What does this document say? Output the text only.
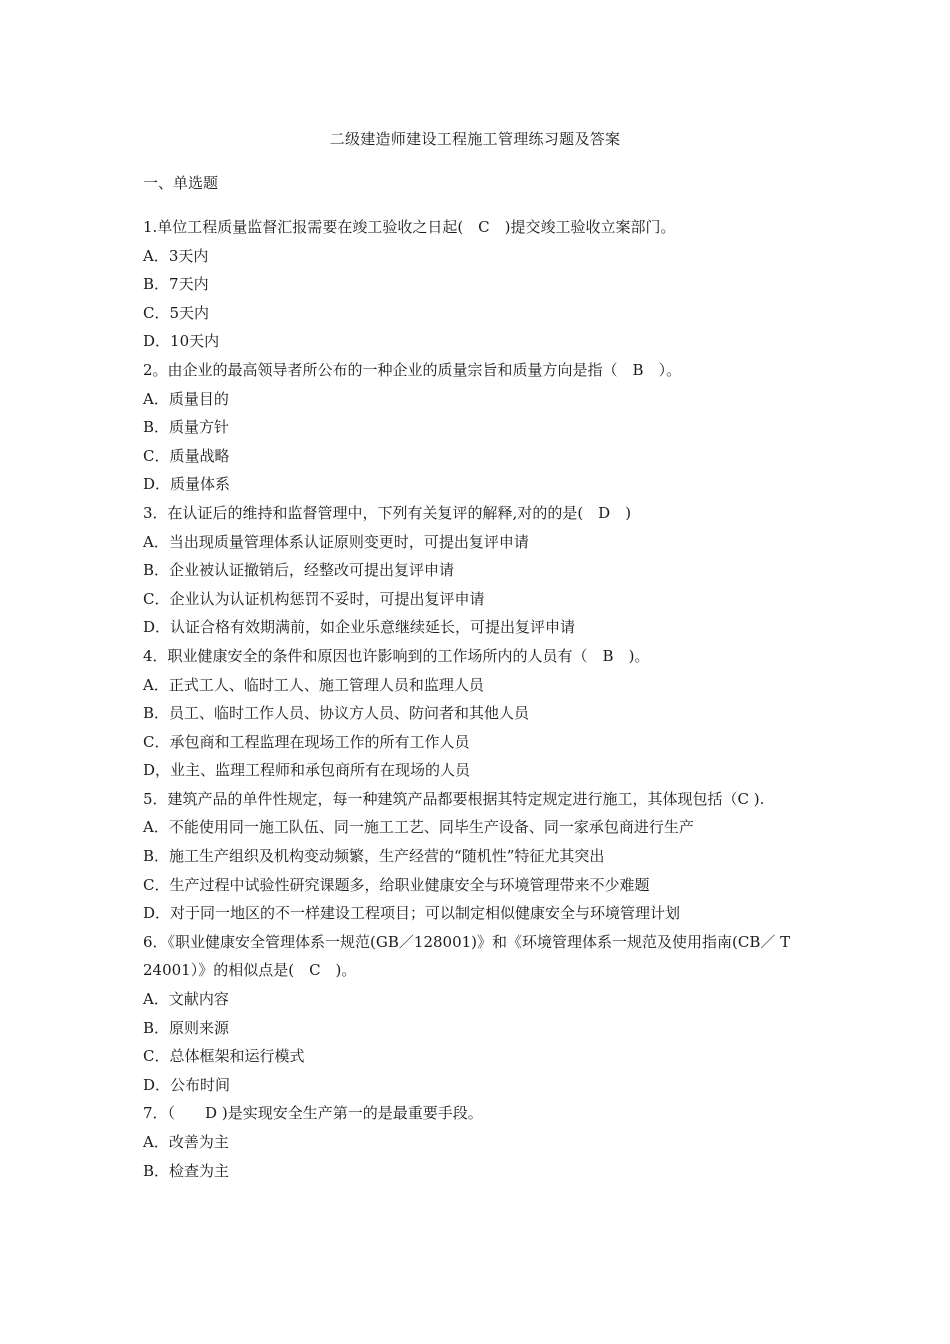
二级建造师建设工程施工管理练习题及答案
一、单选题

1.单位工程质量监督汇报需要在竣工验收之日起(　C　)提交竣工验收立案部门。

A．3天内

B．7天内

C．5天内

D．10天内

2。由企业的最高领导者所公布的一种企业的质量宗旨和质量方向是指（　B　）。

A．质量目的

B．质量方针

C．质量战略

D．质量体系

3．在认证后的维持和监督管理中，下列有关复评的解释,对的的是(　D　)

A．当出现质量管理体系认证原则变更时，可提出复评申请

B．企业被认证撤销后，经整改可提出复评申请

C．企业认为认证机构惩罚不妥时，可提出复评申请

D．认证合格有效期满前，如企业乐意继续延长，可提出复评申请

4．职业健康安全的条件和原因也许影响到的工作场所内的人员有（　B　)。

A．正式工人、临时工人、施工管理人员和监理人员

B．员工、临时工作人员、协议方人员、防问者和其他人员

C．承包商和工程监理在现场工作的所有工作人员

D，业主、监理工程师和承包商所有在现场的人员

5．建筑产品的单件性规定，每一种建筑产品都要根据其特定规定进行施工，其体现包括（C ).

A．不能使用同一施工队伍、同一施工工艺、同毕生产设备、同一家承包商进行生产

B．施工生产组织及机构变动频繁，生产经营的“随机性”特征尤其突出

C．生产过程中试验性研究课题多，给职业健康安全与环境管理带来不少难题

D．对于同一地区的不一样建设工程项目；可以制定相似健康安全与环境管理计划

6．《职业健康安全管理体系一规范(GB／128001)》和《环境管理体系一规范及使用指南(CB／ T 24001）》的相似点是(　C　)。

A．文献内容

B．原则来源

C．总体框架和运行模式

D．公布时间

7．（　　D )是实现安全生产第一的是最重要手段。

A．改善为主

B．检查为主
